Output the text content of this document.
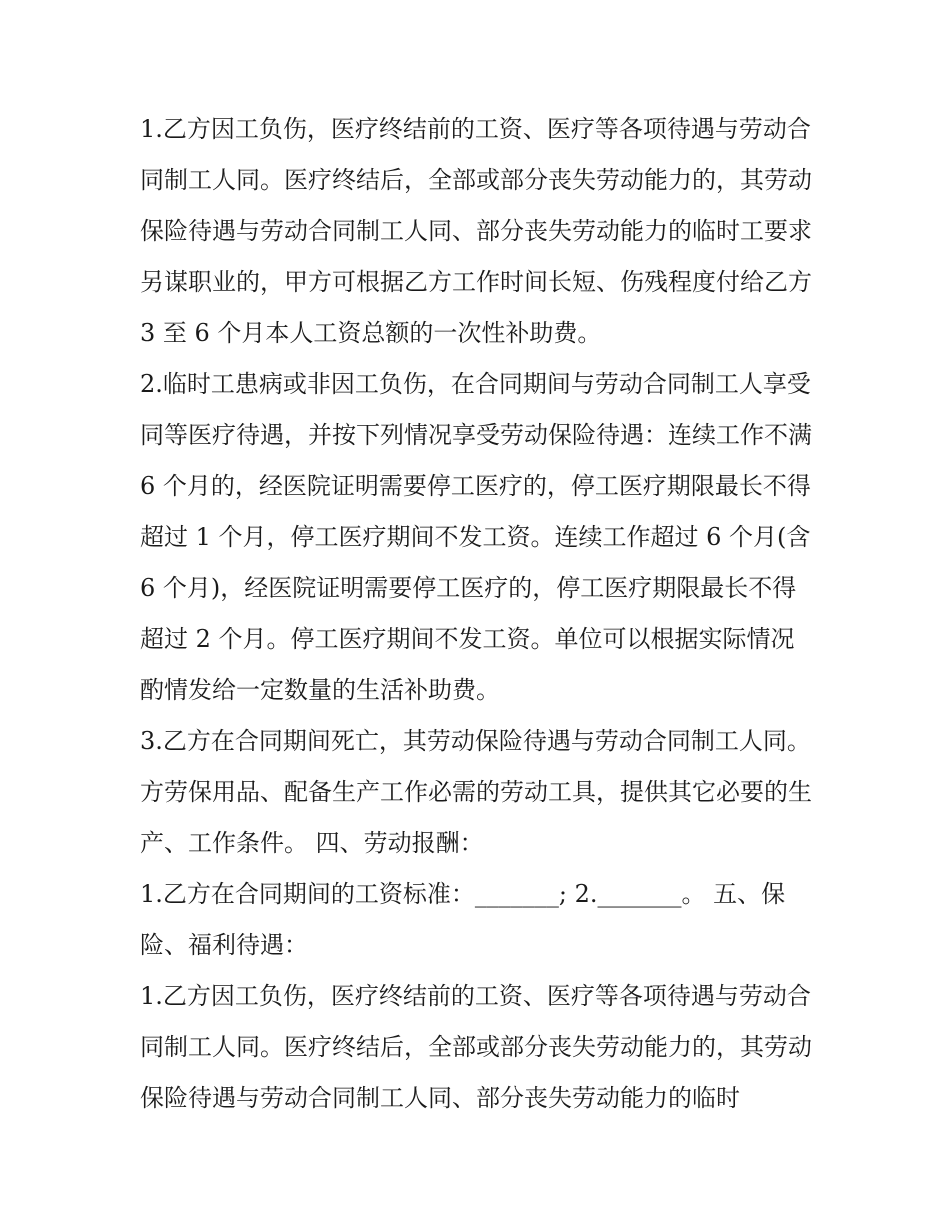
1.乙方因工负伤，医疗终结前的工资、医疗等各项待遇与劳动合同制工人同。医疗终结后，全部或部分丧失劳动能力的，其劳动保险待遇与劳动合同制工人同、部分丧失劳动能力的临时工要求另谋职业的，甲方可根据乙方工作时间长短、伤残程度付给乙方 3 至 6 个月本人工资总额的一次性补助费。

2.临时工患病或非因工负伤，在合同期间与劳动合同制工人享受同等医疗待遇，并按下列情况享受劳动保险待遇：连续工作不满 6 个月的，经医院证明需要停工医疗的，停工医疗期限最长不得超过 1 个月，停工医疗期间不发工资。连续工作超过 6 个月(含 6 个月)，经医院证明需要停工医疗的，停工医疗期限最长不得超过 2 个月。停工医疗期间不发工资。单位可以根据实际情况酌情发给一定数量的生活补助费。

3.乙方在合同期间死亡，其劳动保险待遇与劳动合同制工人同。方劳保用品、配备生产工作必需的劳动工具，提供其它必要的生产、工作条件。 四、劳动报酬：

1.乙方在合同期间的工资标准：_______; 2._______。 五、保险、福利待遇：

1.乙方因工负伤，医疗终结前的工资、医疗等各项待遇与劳动合同制工人同。医疗终结后，全部或部分丧失劳动能力的，其劳动保险待遇与劳动合同制工人同、部分丧失劳动能力的临时
